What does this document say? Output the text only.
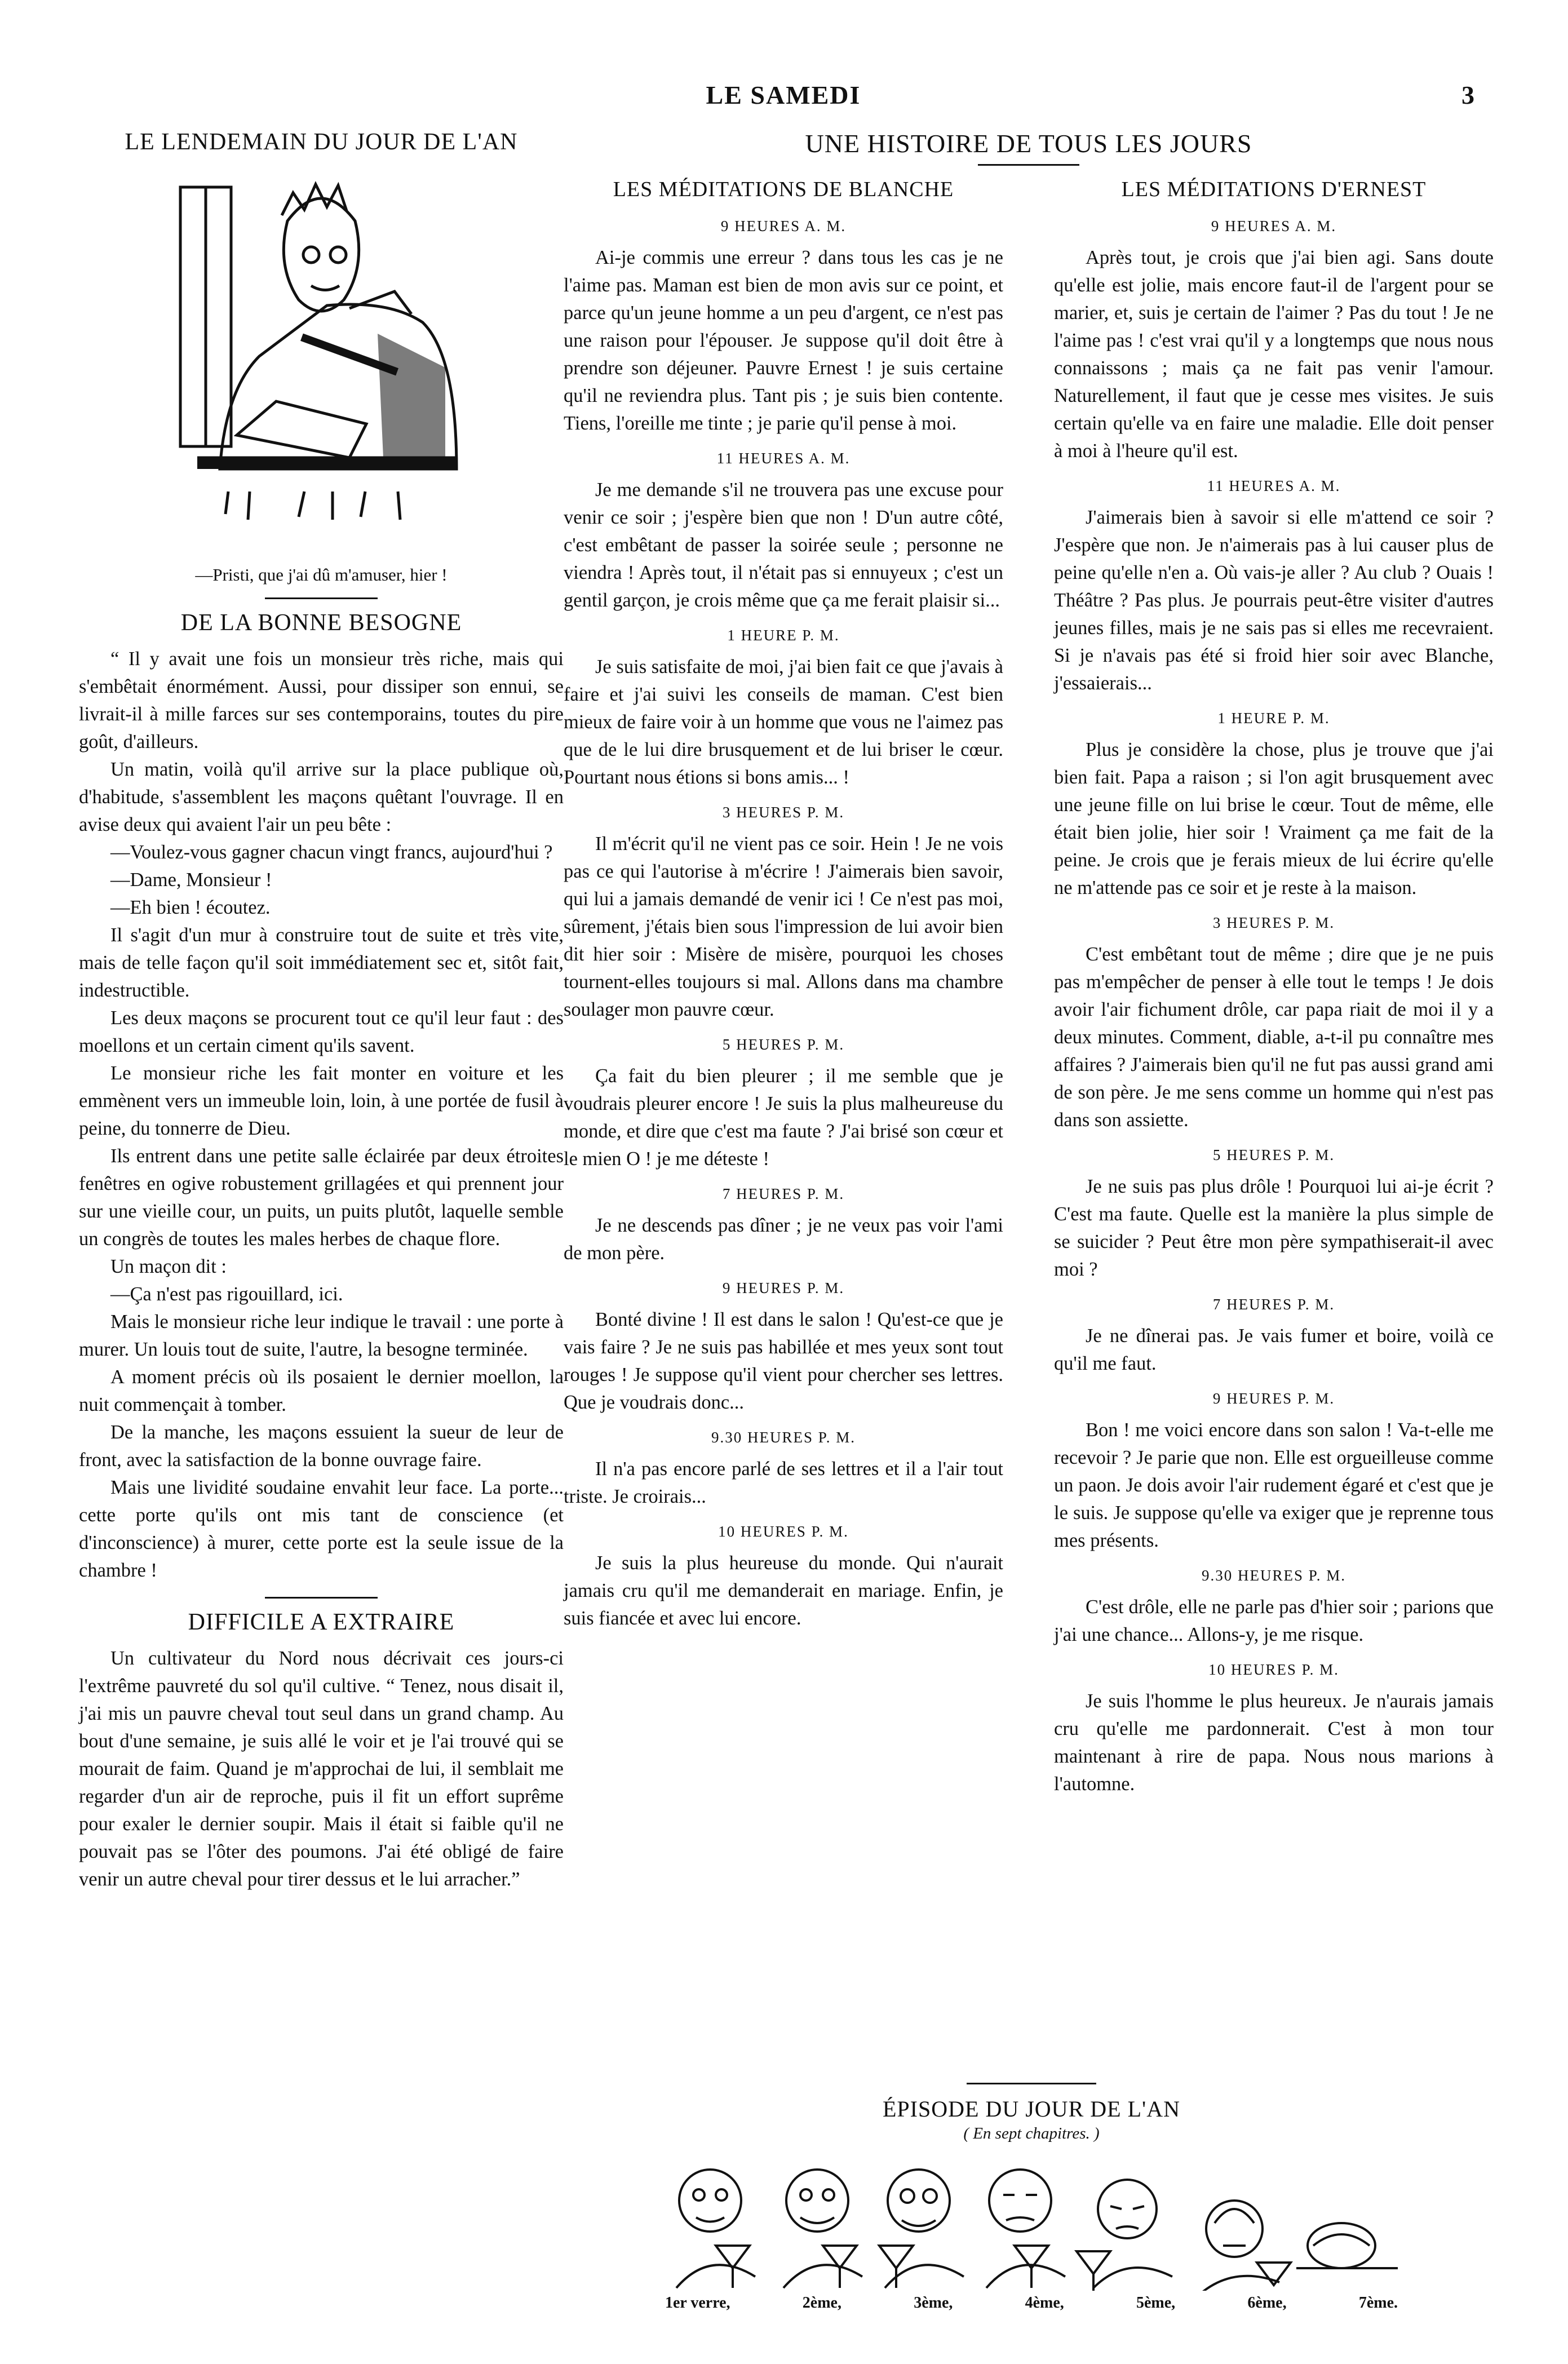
LE SAMEDI	3
LE LENDEMAIN DU JOUR DE L'AN
—Pristi, que j'ai dû m'amuser, hier !
DE LA BONNE BESOGNE

“ Il y avait une fois un monsieur très riche, mais qui s'embêtait énormément. Aussi, pour dissiper son ennui, se livrait-il à mille farces sur ses contemporains, toutes du pire goût, d'ailleurs.

Un matin, voilà qu'il arrive sur la place publique où, d'habitude, s'assemblent les maçons quêtant l'ouvrage. Il en avise deux qui avaient l'air un peu bête :

—Voulez-vous gagner chacun vingt francs, aujourd'hui ?

—Dame, Monsieur !

—Eh bien ! écoutez.

Il s'agit d'un mur à construire tout de suite et très vite, mais de telle façon qu'il soit immédiatement sec et, sitôt fait, indestructible.

Les deux maçons se procurent tout ce qu'il leur faut : des moellons et un certain ciment qu'ils savent.

Le monsieur riche les fait monter en voiture et les emmènent vers un immeuble loin, loin, à une portée de fusil à peine, du tonnerre de Dieu.

Ils entrent dans une petite salle éclairée par deux étroites fenêtres en ogive robustement grillagées et qui prennent jour sur une vieille cour, un puits, un puits plutôt, laquelle semble un congrès de toutes les males herbes de chaque flore.

Un maçon dit :

—Ça n'est pas rigouillard, ici.

Mais le monsieur riche leur indique le travail : une porte à murer. Un louis tout de suite, l'autre, la besogne terminée.

A moment précis où ils posaient le dernier moellon, la nuit commençait à tomber.

De la manche, les maçons essuient la sueur de leur de front, avec la satisfaction de la bonne ouvrage faire.

Mais une lividité soudaine envahit leur face. La porte... cette porte qu'ils ont mis tant de conscience (et d'inconscience) à murer, cette porte est la seule issue de la chambre !

DIFFICILE A EXTRAIRE

Un cultivateur du Nord nous décrivait ces jours-ci l'extrême pauvreté du sol qu'il cultive. “ Tenez, nous disait il, j'ai mis un pauvre cheval tout seul dans un grand champ. Au bout d'une semaine, je suis allé le voir et je l'ai trouvé qui se mourait de faim. Quand je m'approchai de lui, il semblait me regarder d'un air de reproche, puis il fit un effort suprême pour exaler le dernier soupir. Mais il était si faible qu'il ne pouvait pas se l'ôter des poumons. J'ai été obligé de faire venir un autre cheval pour tirer dessus et le lui arracher.”

UNE HISTOIRE DE TOUS LES JOURS
LES MÉDITATIONS DE BLANCHE
9 HEURES A. M.

Ai-je commis une erreur ? dans tous les cas je ne l'aime pas. Maman est bien de mon avis sur ce point, et parce qu'un jeune homme a un peu d'argent, ce n'est pas une raison pour l'épouser. Je suppose qu'il doit être à prendre son déjeuner. Pauvre Ernest ! je suis certaine qu'il ne reviendra plus. Tant pis ; je suis bien contente. Tiens, l'oreille me tinte ; je parie qu'il pense à moi.

11 HEURES A. M.

Je me demande s'il ne trouvera pas une excuse pour venir ce soir ; j'espère bien que non ! D'un autre côté, c'est embêtant de passer la soirée seule ; personne ne viendra ! Après tout, il n'était pas si ennuyeux ; c'est un gentil garçon, je crois même que ça me ferait plaisir si...

1 HEURE P. M.

Je suis satisfaite de moi, j'ai bien fait ce que j'avais à faire et j'ai suivi les conseils de maman. C'est bien mieux de faire voir à un homme que vous ne l'aimez pas que de le lui dire brusquement et de lui briser le cœur. Pourtant nous étions si bons amis... !

3 HEURES P. M.

Il m'écrit qu'il ne vient pas ce soir. Hein ! Je ne vois pas ce qui l'autorise à m'écrire ! J'aimerais bien savoir, qui lui a jamais demandé de venir ici ! Ce n'est pas moi, sûrement, j'étais bien sous l'impression de lui avoir bien dit hier soir : Misère de misère, pourquoi les choses tournent-elles toujours si mal. Allons dans ma chambre soulager mon pauvre cœur.

5 HEURES P. M.

Ça fait du bien pleurer ; il me semble que je voudrais pleurer encore ! Je suis la plus malheureuse du monde, et dire que c'est ma faute ? J'ai brisé son cœur et le mien O ! je me déteste !

7 HEURES P. M.

Je ne descends pas dîner ; je ne veux pas voir l'ami de mon père.

9 HEURES P. M.

Bonté divine ! Il est dans le salon ! Qu'est-ce que je vais faire ? Je ne suis pas habillée et mes yeux sont tout rouges ! Je suppose qu'il vient pour chercher ses lettres. Que je voudrais donc...

9.30 HEURES P. M.

Il n'a pas encore parlé de ses lettres et il a l'air tout triste. Je croirais...

10 HEURES P. M.

Je suis la plus heureuse du monde. Qui n'aurait jamais cru qu'il me demanderait en mariage. Enfin, je suis fiancée et avec lui encore.

LES MÉDITATIONS D'ERNEST
9 HEURES A. M.

Après tout, je crois que j'ai bien agi. Sans doute qu'elle est jolie, mais encore faut-il de l'argent pour se marier, et, suis je certain de l'aimer ? Pas du tout ! Je ne l'aime pas ! c'est vrai qu'il y a longtemps que nous nous connaissons ; mais ça ne fait pas venir l'amour. Naturellement, il faut que je cesse mes visites. Je suis certain qu'elle va en faire une maladie. Elle doit penser à moi à l'heure qu'il est.

11 HEURES A. M.

J'aimerais bien à savoir si elle m'attend ce soir ? J'espère que non. Je n'aimerais pas à lui causer plus de peine qu'elle n'en a. Où vais-je aller ? Au club ? Ouais ! Théâtre ? Pas plus. Je pourrais peut-être visiter d'autres jeunes filles, mais je ne sais pas si elles me recevraient. Si je n'avais pas été si froid hier soir avec Blanche, j'essaierais...

1 HEURE P. M.

Plus je considère la chose, plus je trouve que j'ai bien fait. Papa a raison ; si l'on agit brusquement avec une jeune fille on lui brise le cœur. Tout de même, elle était bien jolie, hier soir ! Vraiment ça me fait de la peine. Je crois que je ferais mieux de lui écrire qu'elle ne m'attende pas ce soir et je reste à la maison.

3 HEURES P. M.

C'est embêtant tout de même ; dire que je ne puis pas m'empêcher de penser à elle tout le temps ! Je dois avoir l'air fichument drôle, car papa riait de moi il y a deux minutes. Comment, diable, a-t-il pu connaître mes affaires ? J'aimerais bien qu'il ne fut pas aussi grand ami de son père. Je me sens comme un homme qui n'est pas dans son assiette.

5 HEURES P. M.

Je ne suis pas plus drôle ! Pourquoi lui ai-je écrit ? C'est ma faute. Quelle est la manière la plus simple de se suicider ? Peut être mon père sympathiserait-il avec moi ?

7 HEURES P. M.

Je ne dînerai pas. Je vais fumer et boire, voilà ce qu'il me faut.

9 HEURES P. M.

Bon ! me voici encore dans son salon ! Va-t-elle me recevoir ? Je parie que non. Elle est orgueilleuse comme un paon. Je dois avoir l'air rudement égaré et c'est que je le suis. Je suppose qu'elle va exiger que je reprenne tous mes présents.

9.30 HEURES P. M.

C'est drôle, elle ne parle pas d'hier soir ; parions que j'ai une chance... Allons-y, je me risque.

10 HEURES P. M.

Je suis l'homme le plus heureux. Je n'aurais jamais cru qu'elle me pardonnerait. C'est à mon tour maintenant à rire de papa. Nous nous marions à l'automne.

ÉPISODE DU JOUR DE L'AN
( En sept chapitres. )
1er verre,	2ème,	3ème,	4ème,	5ème,	6ème,	7ème.
